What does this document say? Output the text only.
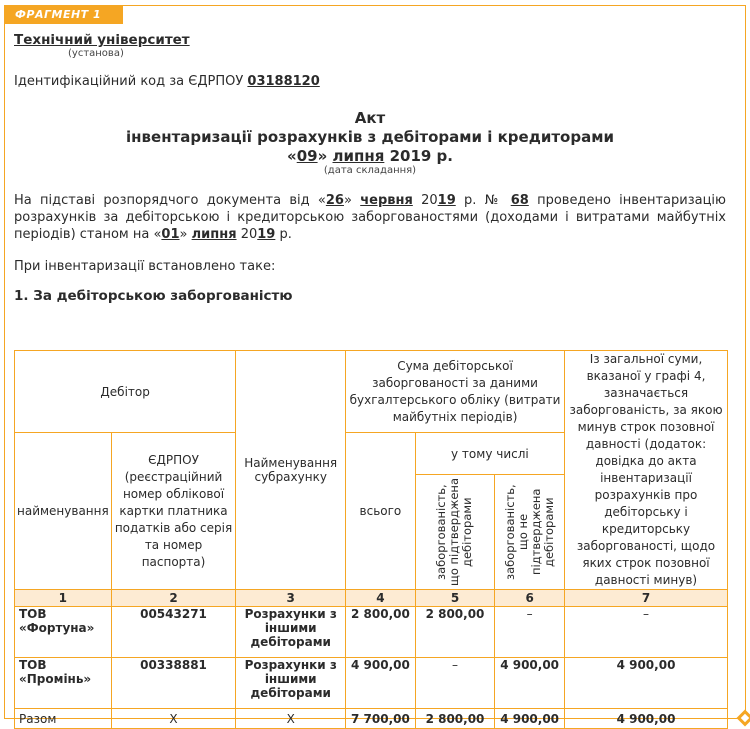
ФРАГМЕНТ 1
Технічний університет
(установа)
Ідентифікаційний код за ЄДРПОУ 03188120
Акт
інвентаризації розрахунків з дебіторами і кредиторами
«09» липня 2019 р.
(дата складання)
На підставі розпорядчого документа від «26» червня 2019 р. № 68 проведено інвентаризацію розрахунків за дебіторською і кредиторською заборгованостями (доходами і витратами майбутніх періодів) станом на «01» липня 2019 р.
При інвентаризації встановлено таке:
1. За дебіторською заборгованістю
Дебітор		Найменування субрахунку	Сума дебіторської заборгованості за даними бухгалтерського обліку (витрати майбутніх періодів)			Із загальної суми, вказаної у графі 4, зазначається заборгованість, за якою минув строк позовної давності (додаток: довідка до акта інвентаризації розрахунків про дебіторську і кредиторську заборгованості, щодо яких строк позовної давності минув)
найменування	ЄДРПОУ (реєстраційний номер облікової картки платника податків або серія та номер паспорта)		всього	у тому числі		

				заборгованість, що підтверджена дебіторами	заборгованість, що не підтверджена дебіторами	

1	2	3	4	5	6	7
ТОВ «Фортуна»	00543271	Розрахунки з іншими дебіторами	2 800,00	2 800,00	–	–
ТОВ «Промінь»	00338881	Розрахунки з іншими дебіторами	4 900,00	–	4 900,00	4 900,00
Разом	Х	Х	7 700,00	2 800,00	4 900,00	4 900,00
